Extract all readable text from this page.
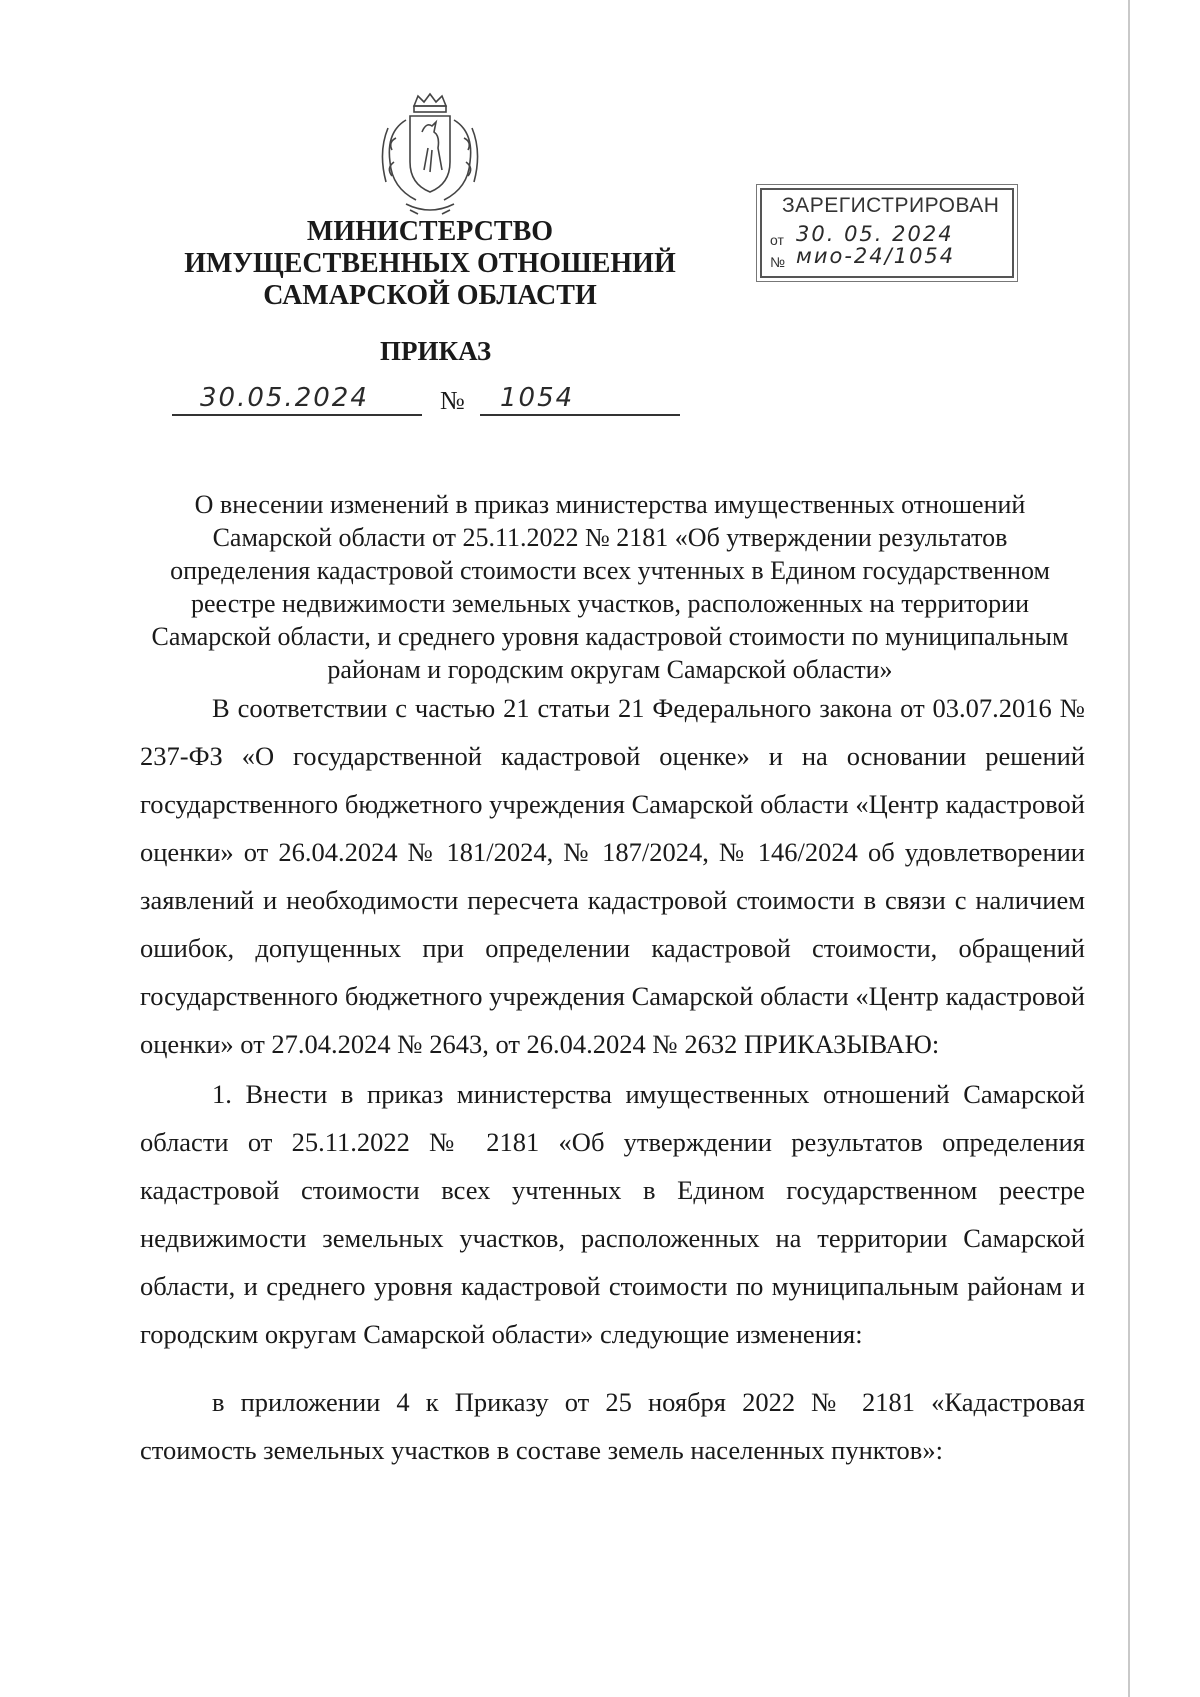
МИНИСТЕРСТВО
ИМУЩЕСТВЕННЫХ ОТНОШЕНИЙ
САМАРСКОЙ ОБЛАСТИ
ЗАРЕГИСТРИРОВАН
от 30. 05. 2024
№ мио-24/1054
ПРИКАЗ
30.05.2024	№ 1054

О внесении изменений в приказ министерства имущественных отношений Самарской области от 25.11.2022 № 2181 «Об утверждении результатов определения кадастровой стоимости всех учтенных в Едином государственном реестре недвижимости земельных участков, расположенных на территории Самарской области, и среднего уровня кадастровой стоимости по муниципальным районам и городским округам Самарской области»

В соответствии с частью 21 статьи 21 Федерального закона от 03.07.2016 № 237-ФЗ «О государственной кадастровой оценке» и на основании решений государственного бюджетного учреждения Самарской области «Центр кадастровой оценки» от 26.04.2024 № 181/2024, № 187/2024, № 146/2024 об удовлетворении заявлений и необходимости пересчета кадастровой стоимости в связи с наличием ошибок, допущенных при определении кадастровой стоимости, обращений государственного бюджетного учреждения Самарской области «Центр кадастровой оценки» от 27.04.2024 № 2643, от 26.04.2024 № 2632 ПРИКАЗЫВАЮ:

1. Внести в приказ министерства имущественных отношений Самарской области от 25.11.2022 № 2181 «Об утверждении результатов определения кадастровой стоимости всех учтенных в Едином государственном реестре недвижимости земельных участков, расположенных на территории Самарской области, и среднего уровня кадастровой стоимости по муниципальным районам и городским округам Самарской области» следующие изменения:

в приложении 4 к Приказу от 25 ноября 2022 № 2181 «Кадастровая стоимость земельных участков в составе земель населенных пунктов»:
